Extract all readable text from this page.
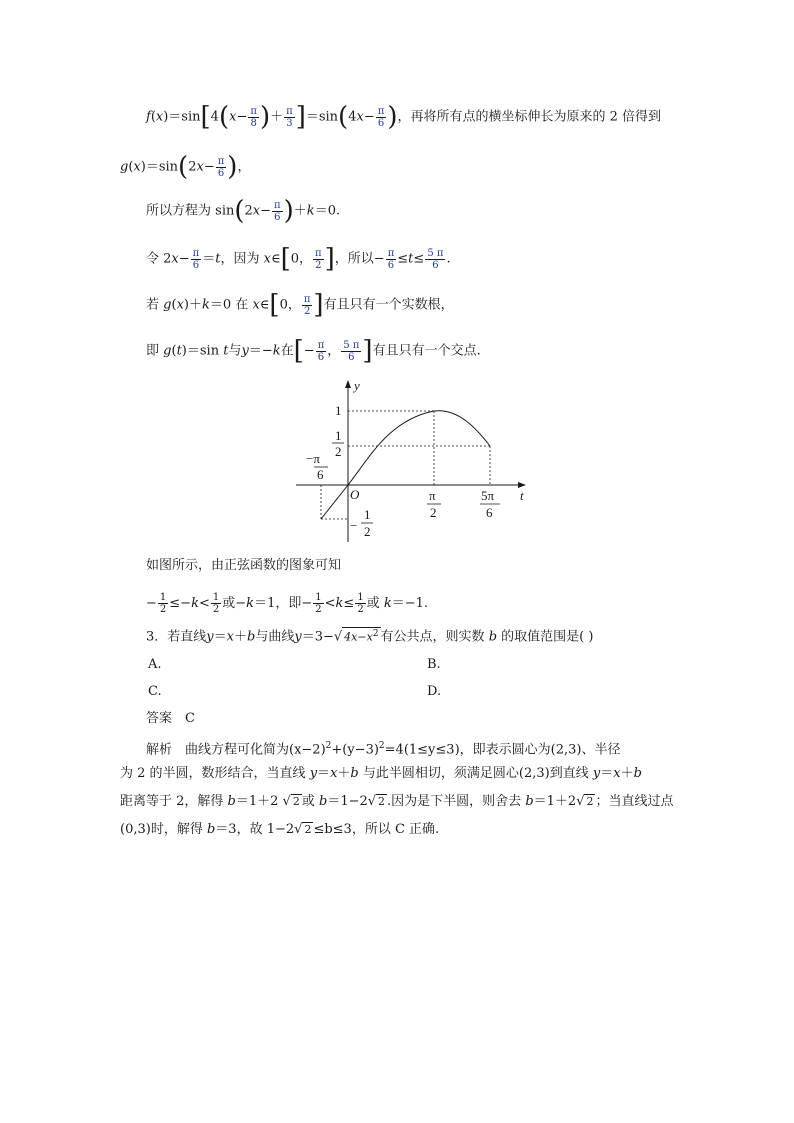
$f(x)=\sin[4(x- \frac{\pi}{8}$ )＋ $\frac{\pi}{3} ]=\sin(4x- \frac{\pi}{6}$ )，再将所有点的横坐标伸长为原来的 2 倍得到
$g(x)=\sin(2x- \frac{\pi}{6}$ )，
所以方程为 $\sin(2x- \frac{\pi}{6} )+k=0$.
令 $2x- \frac{\pi}{6} =t$，因为 x∈[0， $\frac{\pi}{2}$ ]，所以− $\frac{\pi}{6} \le t\le \frac{5 \pi}{6}$ .
若 g(x)＋k＝0 在 x∈[0， $\frac{\pi}{2}$ ]有且只有一个实数根，
即 g(t)＝sin t与y＝−k在[− $\frac{\pi}{6}$ ， $\frac{5 \pi}{6}$ ]有且只有一个交点.
y
t
O
1
1
2
−π
6
−
1
2
π
2
5π
6
如图所示，由正弦函数的图象可知
− $\frac{1}{2} \le-k< \frac{1}{2}$ 或−k＝1，即− $\frac{1}{2} <k\le \frac{1}{2}$ 或 k＝−1.
3．若直线y＝x＋b与曲线y＝3−√ $4x-x^2$ 有公共点，则实数 b 的取值范围是( )
A.	B.
C.	D.
答案　 C
解析　曲线方程可化简为$(x-2)^2+(y-3)^2=4(1\le y\le 3)$，即表示圆心为(2,3)、半径
为 2 的半圆，数形结合，当直线 y＝x＋b 与此半圆相切，须满足圆心(2,3)到直线 y＝x＋b
距离等于 2，解得 b＝1＋2 √ 2 或 b＝1−2√ 2 .因为是下半圆，则舍去 b＝1＋2√ 2 ；当直线过点
(0,3)时，解得 b＝3，故 1−2√ 2 ≤b≤3，所以 C 正确.
